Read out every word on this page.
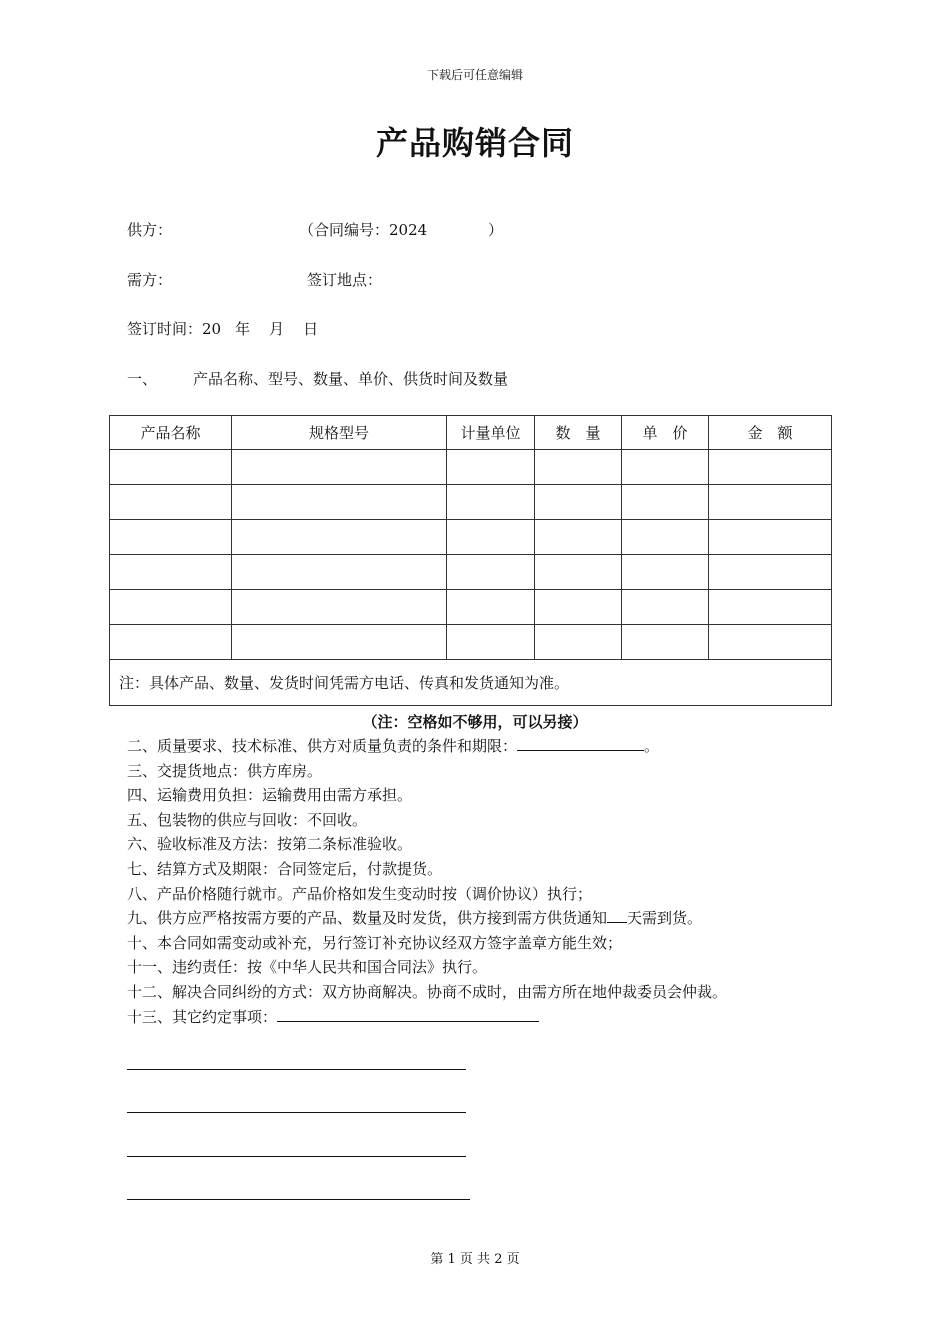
下载后可任意编辑
产品购销合同
供方：	（合同编号：2024	）
需方：	签订地点：
签订时间：20 年 月 日
一、 产品名称、型号、数量、单价、供货时间及数量
产品名称	规格型号	计量单位	数　量	单　价	金　额

注：具体产品、数量、发货时间凭需方电话、传真和发货通知为准。					
（注：空格如不够用，可以另接）
二、质量要求、技术标准、供方对质量负责的条件和期限：	。
三、交提货地点：供方库房。
四、运输费用负担：运输费用由需方承担。
五、包装物的供应与回收：不回收。
六、验收标准及方法：按第二条标准验收。
七、结算方式及期限：合同签定后，付款提货。
八、产品价格随行就市。产品价格如发生变动时按（调价协议）执行；
九、供方应严格按需方要的产品、数量及时发货，供方接到需方供货通知 天需到货。
十、本合同如需变动或补充，另行签订补充协议经双方签字盖章方能生效；
十一、违约责任：按《中华人民共和国合同法》执行。
十二、解决合同纠纷的方式：双方协商解决。协商不成时，由需方所在地仲裁委员会仲裁。
十三、其它约定事项：
第 1 页 共 2 页
